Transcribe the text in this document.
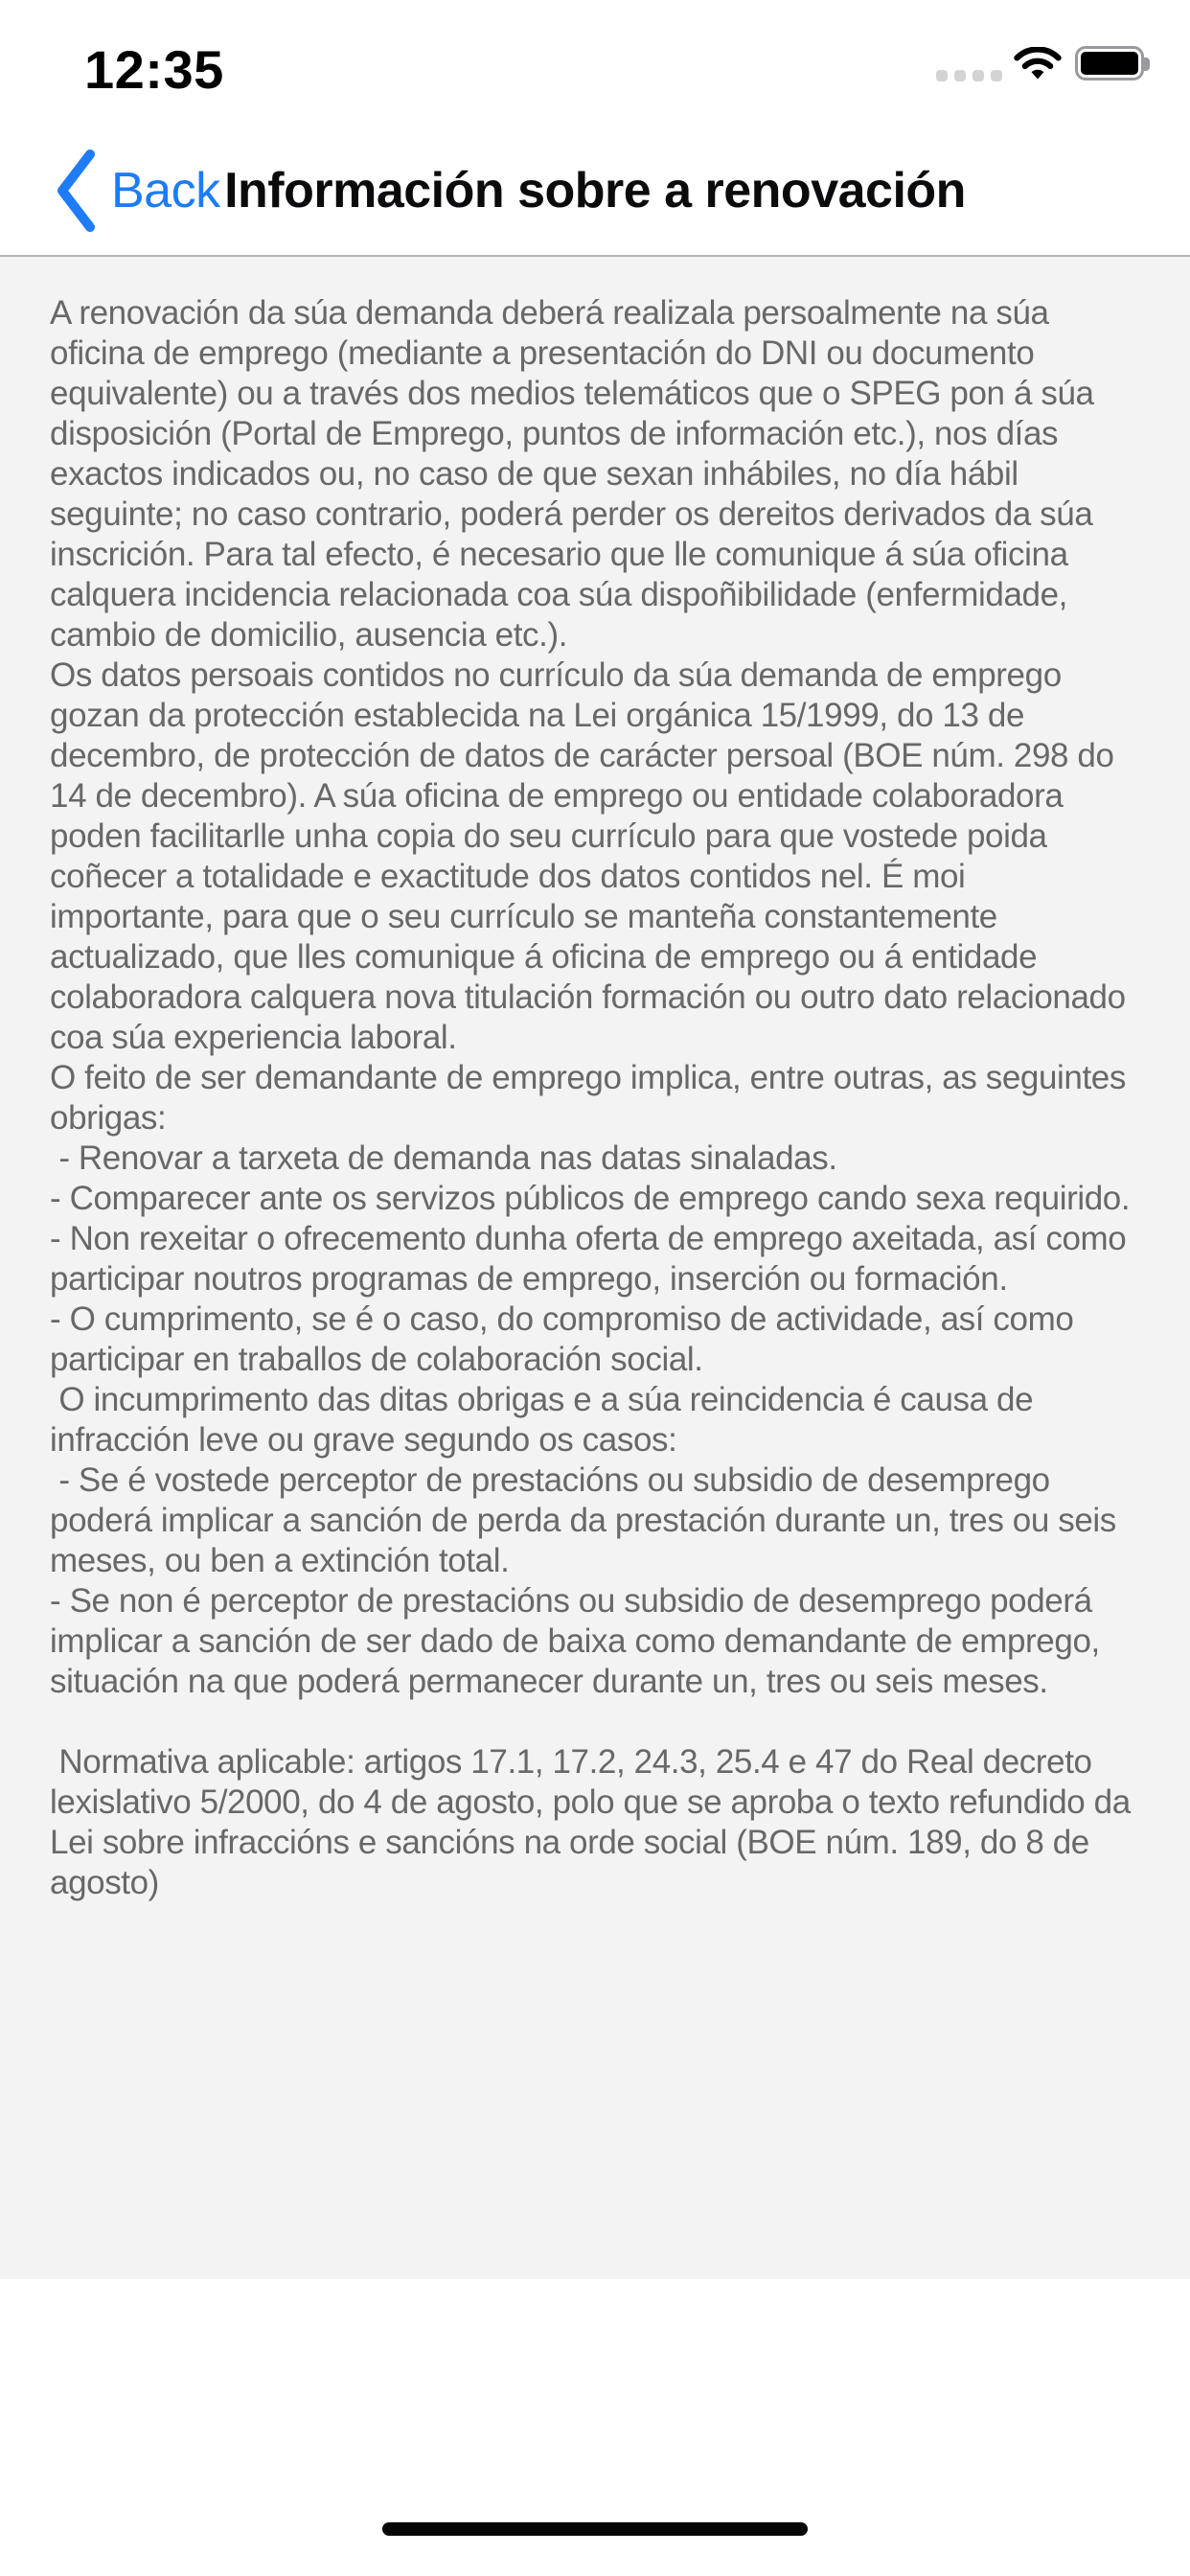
12:35
Back Información sobre a renovación

A renovación da súa demanda deberá realizala persoalmente na súa oficina de emprego (mediante a presentación do DNI ou documento equivalente) ou a través dos medios telemáticos que o SPEG pon á súa disposición (Portal de Emprego, puntos de información etc.), nos días exactos indicados ou, no caso de que sexan inhábiles, no día hábil seguinte; no caso contrario, poderá perder os dereitos derivados da súa inscrición. Para tal efecto, é necesario que lle comunique á súa oficina calquera incidencia relacionada coa súa dispoñibilidade (enfermidade, cambio de domicilio, ausencia etc.).

Os datos persoais contidos no currículo da súa demanda de emprego gozan da protección establecida na Lei orgánica 15/1999, do 13 de decembro, de protección de datos de carácter persoal (BOE núm. 298 do 14 de decembro). A súa oficina de emprego ou entidade colaboradora poden facilitarlle unha copia do seu currículo para que vostede poida coñecer a totalidade e exactitude dos datos contidos nel. É moi importante, para que o seu currículo se manteña constantemente actualizado, que lles comunique á oficina de emprego ou á entidade colaboradora calquera nova titulación formación ou outro dato relacionado coa súa experiencia laboral.

O feito de ser demandante de emprego implica, entre outras, as seguintes obrigas:

- Renovar a tarxeta de demanda nas datas sinaladas.

- Comparecer ante os servizos públicos de emprego cando sexa requirido.

- Non rexeitar o ofrecemento dunha oferta de emprego axeitada, así como participar noutros programas de emprego, inserción ou formación.

- O cumprimento, se é o caso, do compromiso de actividade, así como participar en traballos de colaboración social.

O incumprimento das ditas obrigas e a súa reincidencia é causa de infracción leve ou grave segundo os casos:

- Se é vostede perceptor de prestacións ou subsidio de desemprego poderá implicar a sanción de perda da prestación durante un, tres ou seis meses, ou ben a extinción total.

- Se non é perceptor de prestacións ou subsidio de desemprego poderá implicar a sanción de ser dado de baixa como demandante de emprego, situación na que poderá permanecer durante un, tres ou seis meses.

Normativa aplicable: artigos 17.1, 17.2, 24.3, 25.4 e 47 do Real decreto lexislativo 5/2000, do 4 de agosto, polo que se aproba o texto refundido da Lei sobre infraccións e sancións na orde social (BOE núm. 189, do 8 de agosto)
